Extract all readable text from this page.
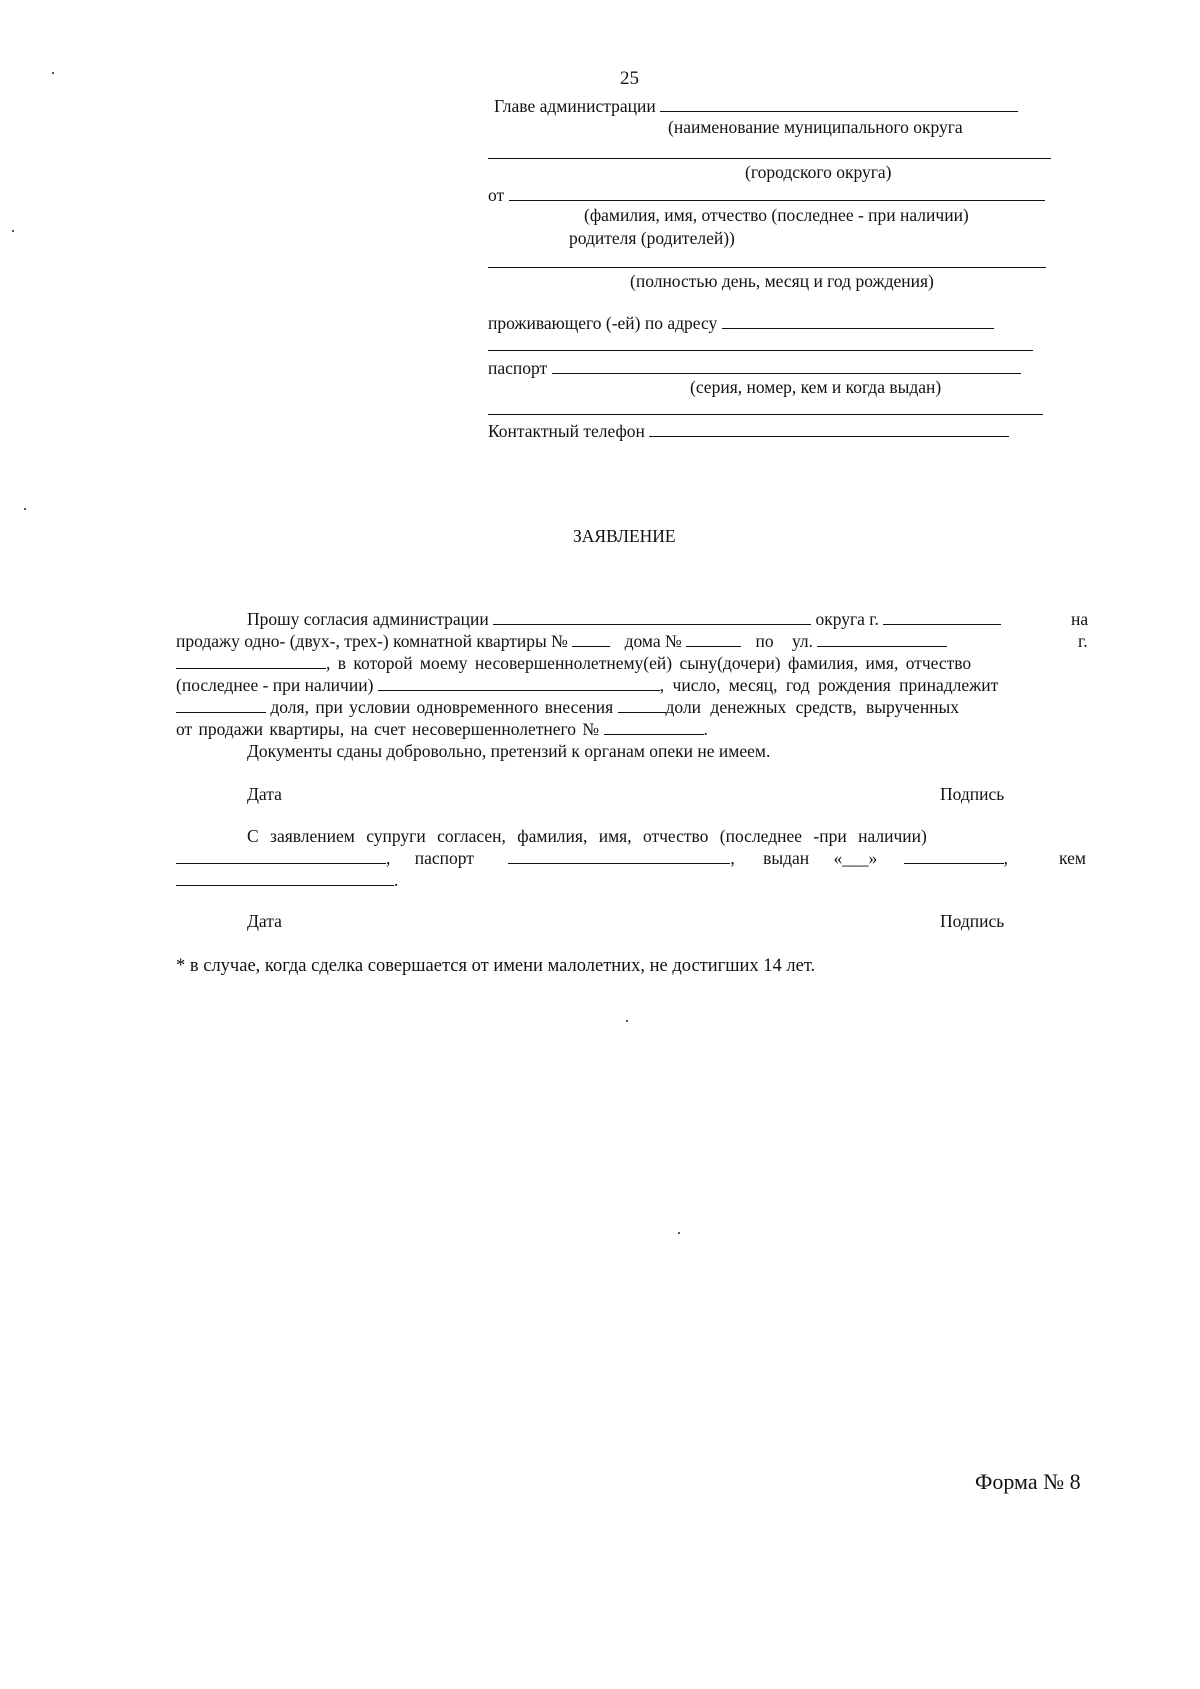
25
Главе администрации
(наименование муниципального округа
(городского округа)
от
(фамилия, имя, отчество (последнее - при наличии)
родителя (родителей))
(полностью день, месяц и год рождения)
проживающего (-ей) по адресу
паспорт
(серия, номер, кем и когда выдан)
Контактный телефон
ЗАЯВЛЕНИЕ
Прошу согласия администрации	округа г.	на
продажу одно- (двух-, трех-) комнатной квартиры №	дома №	по ул.	г.
, в которой моему несовершеннолетнему(ей) сыну(дочери) фамилия, имя, отчество
(последнее - при наличии)	, число, месяц, год рождения принадлежит
доля, при условии одновременного внесения	доли денежных средств, вырученных
от продажи квартиры, на счет несовершеннолетнего №	.
Документы сданы добровольно, претензий к органам опеки не имеем.
Дата	Подпись
С заявлением супруги согласен, фамилия, имя, отчество (последнее -при наличии)
, паспорт	, выдан «___»	,	кем
.
Дата	Подпись
* в случае, когда сделка совершается от имени малолетних, не достигших 14 лет.
Форма № 8
